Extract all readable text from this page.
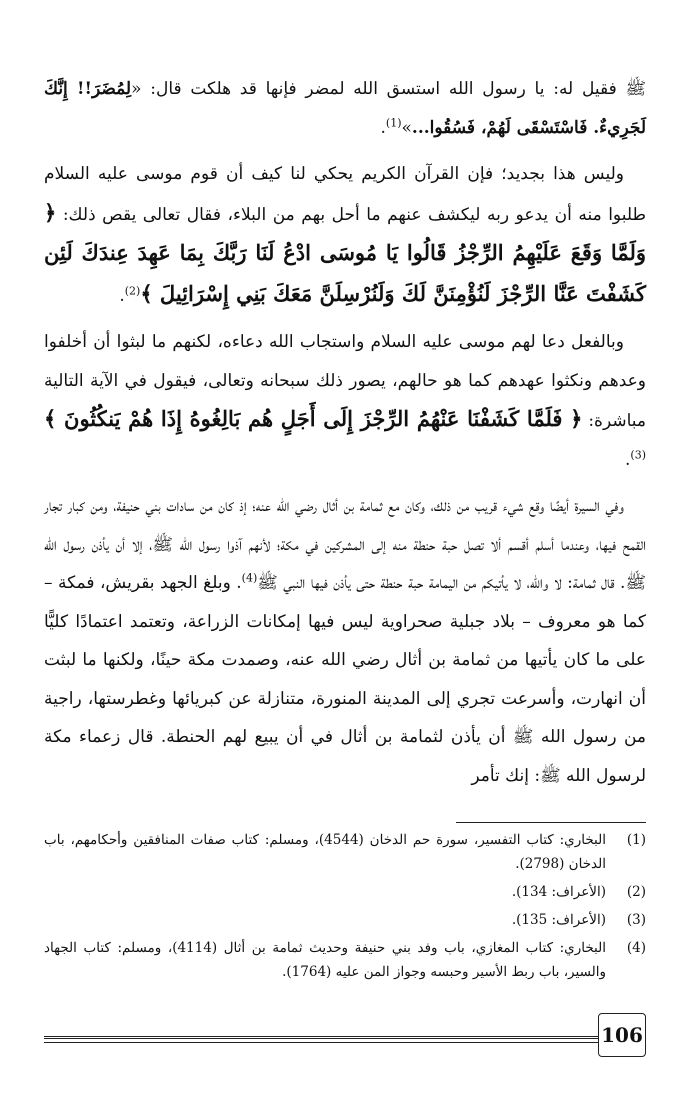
ﷺ فقيل له: يا رسول الله استسق الله لمضر فإنها قد هلكت قال: «لِمُضَرَ!! إِنَّكَ لَجَرِيءٌ. فَاسْتَسْقَى لَهُمْ، فَسُقُوا...»$^{(1)}$.

وليس هذا بجديد؛ فإن القرآن الكريم يحكي لنا كيف أن قوم موسى عليه السلام طلبوا منه أن يدعو ربه ليكشف عنهم ما أحل بهم من البلاء، فقال تعالى يقص ذلك: ﴿ وَلَمَّا وَقَعَ عَلَيْهِمُ الرِّجْزُ قَالُوا يَا مُوسَى ادْعُ لَنَا رَبَّكَ بِمَا عَهِدَ عِندَكَ لَئِن كَشَفْتَ عَنَّا الرِّجْزَ لَنُؤْمِنَنَّ لَكَ وَلَنُرْسِلَنَّ مَعَكَ بَنِي إِسْرَائِيلَ ﴾$^{(2)}$.

وبالفعل دعا لهم موسى عليه السلام واستجاب الله دعاءه، لكنهم ما لبثوا أن أخلفوا وعدهم ونكثوا عهدهم كما هو حالهم، يصور ذلك سبحانه وتعالى، فيقول في الآية التالية مباشرة: ﴿ فَلَمَّا كَشَفْنَا عَنْهُمُ الرِّجْزَ إِلَى أَجَلٍ هُم بَالِغُوهُ إِذَا هُمْ يَنكُثُونَ ﴾$^{(3)}$.

وفي السيرة أيضًا وقع شيء قريب من ذلك، وكان مع ثمامة بن أثال رضي الله عنه؛ إذ كان من سادات بني حنيفة، ومن كبار تجار القمح فيها، وعندما أسلم أقسم ألا تصل حبة حنطة منه إلى المشركين في مكة؛ لأنهم آذوا رسول الله ﷺ، إلا أن يأذن رسول الله ﷺ. قال ثمامة: لا والله، لا يأتيكم من اليمامة حبة حنطة حتى يأذن فيها النبي ﷺ$^{(4)}$. وبلغ الجهد بقريش، فمكة – كما هو معروف – بلاد جبلية صحراوية ليس فيها إمكانات الزراعة، وتعتمد اعتمادًا كليًّا على ما كان يأتيها من ثمامة بن أثال رضي الله عنه، وصمدت مكة حينًا، ولكنها ما لبثت أن انهارت، وأسرعت تجري إلى المدينة المنورة، متنازلة عن كبريائها وغطرستها، راجية من رسول الله ﷺ أن يأذن لثمامة بن أثال في أن يبيع لهم الحنطة. قال زعماء مكة لرسول الله ﷺ: إنك تأمر

(1)
البخاري: كتاب التفسير، سورة حم الدخان (4544)، ومسلم: كتاب صفات المنافقين وأحكامهم، باب الدخان (2798).
(2)
(الأعراف: 134).
(3)
(الأعراف: 135).
(4)
البخاري: كتاب المغازي، باب وفد بني حنيفة وحديث ثمامة بن أثال (4114)، ومسلم: كتاب الجهاد والسير، باب ربط الأسير وحبسه وجواز المن عليه (1764).
106
